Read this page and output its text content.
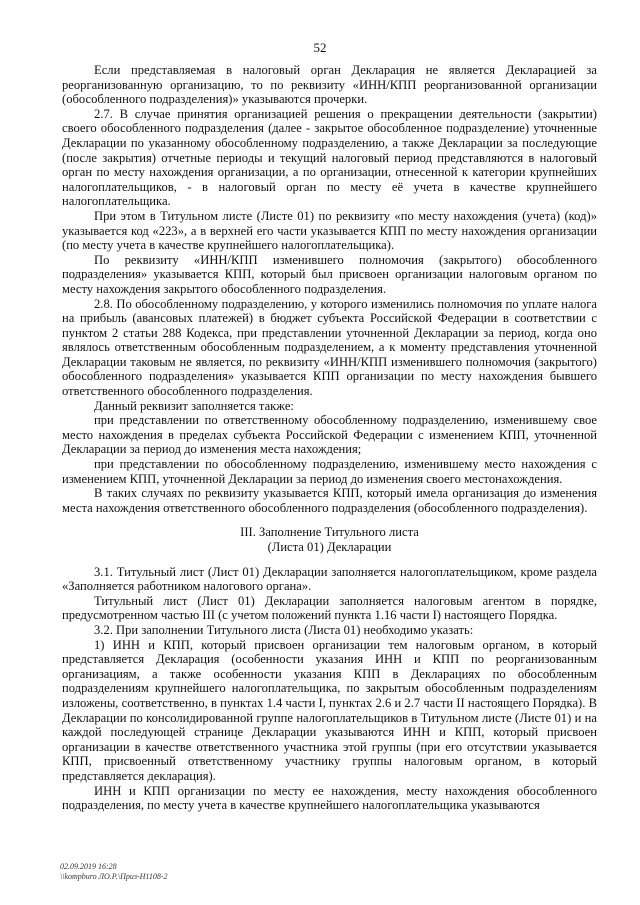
52

Если представляемая в налоговый орган Декларация не является Декларацией за реорганизованную организацию, то по реквизиту «ИНН/КПП реорганизованной организации (обособленного подразделения)» указываются прочерки.

2.7. В случае принятия организацией решения о прекращении деятельности (закрытии) своего обособленного подразделения (далее - закрытое обособленное подразделение) уточненные Декларации по указанному обособленному подразделению, а также Декларации за последующие (после закрытия) отчетные периоды и текущий налоговый период представляются в налоговый орган по месту нахождения организации, а по организации, отнесенной к категории крупнейших налогоплательщиков, - в налоговый орган по месту её учета в качестве крупнейшего налогоплательщика.

При этом в Титульном листе (Листе 01) по реквизиту «по месту нахождения (учета) (код)» указывается код «223», а в верхней его части указывается КПП по месту нахождения организации (по месту учета в качестве крупнейшего налогоплательщика).

По реквизиту «ИНН/КПП изменившего полномочия (закрытого) обособленного подразделения» указывается КПП, который был присвоен организации налоговым органом по месту нахождения закрытого обособленного подразделения.

2.8. По обособленному подразделению, у которого изменились полномочия по уплате налога на прибыль (авансовых платежей) в бюджет субъекта Российской Федерации в соответствии с пунктом 2 статьи 288 Кодекса, при представлении уточненной Декларации за период, когда оно являлось ответственным обособленным подразделением, а к моменту представления уточненной Декларации таковым не является, по реквизиту «ИНН/КПП изменившего полномочия (закрытого) обособленного подразделения» указывается КПП организации по месту нахождения бывшего ответственного обособленного подразделения.

Данный реквизит заполняется также:

при представлении по ответственному обособленному подразделению, изменившему свое место нахождения в пределах субъекта Российской Федерации с изменением КПП, уточненной Декларации за период до изменения места нахождения;

при представлении по обособленному подразделению, изменившему место нахождения с изменением КПП, уточненной Декларации за период до изменения своего местонахождения.

В таких случаях по реквизиту указывается КПП, который имела организация до изменения места нахождения ответственного обособленного подразделения (обособленного подразделения).

III. Заполнение Титульного листа

(Листа 01) Декларации

3.1. Титульный лист (Лист 01) Декларации заполняется налогоплательщиком, кроме раздела «Заполняется работником налогового органа».

Титульный лист (Лист 01) Декларации заполняется налоговым агентом в порядке, предусмотренном частью III (с учетом положений пункта 1.16 части I) настоящего Порядка.

3.2. При заполнении Титульного листа (Листа 01) необходимо указать:

1) ИНН и КПП, который присвоен организации тем налоговым органом, в который представляется Декларация (особенности указания ИНН и КПП по реорганизованным организациям, а также особенности указания КПП в Декларациях по обособленным подразделениям крупнейшего налогоплательщика, по закрытым обособленным подразделениям изложены, соответственно, в пунктах 1.4 части I, пунктах 2.6 и 2.7 части II настоящего Порядка). В Декларации по консолидированной группе налогоплательщиков в Титульном листе (Листе 01) и на каждой последующей странице Декларации указываются ИНН и КПП, который присвоен организации в качестве ответственного участника этой группы (при его отсутствии указывается КПП, присвоенный ответственному участнику группы налоговым органом, в который представляется декларация).

ИНН и КПП организации по месту ее нахождения, месту нахождения обособленного подразделения, по месту учета в качестве крупнейшего налогоплательщика указываются

02.09.2019 16:28
\\kompburo ЛО.Р.\Приз-Н1108-2
